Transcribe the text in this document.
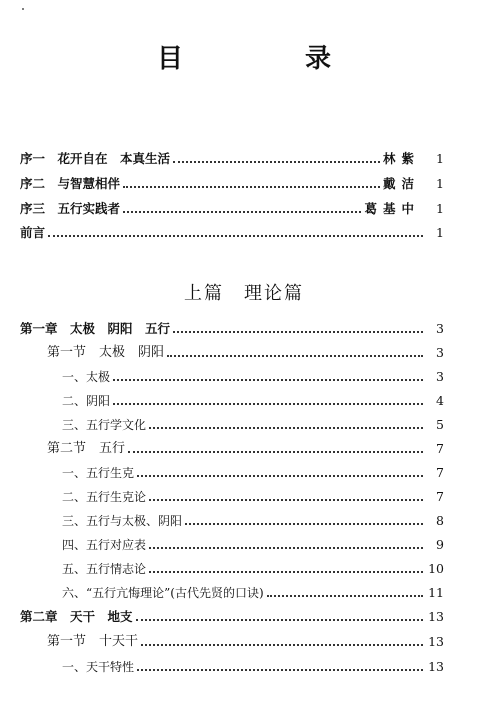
目　录
序一　花开自在　本真生活	林紫	1
序二　与智慧相伴	戴洁	1
序三　五行实践者	葛基中	1
前言	1
上篇　理论篇
第一章　太极　阴阳　五行	3
第一节　太极　阴阳	3
一、太极	3
二、阴阳	4
三、五行学文化	5
第二节　五行	7
一、五行生克	7
二、五行生克论	7
三、五行与太极、阴阳	8
四、五行对应表	9
五、五行情志论	10
六、“五行亢悔理论”(古代先贤的口诀)	11
第二章　天干　地支	13
第一节　十天干	13
一、天干特性	13
